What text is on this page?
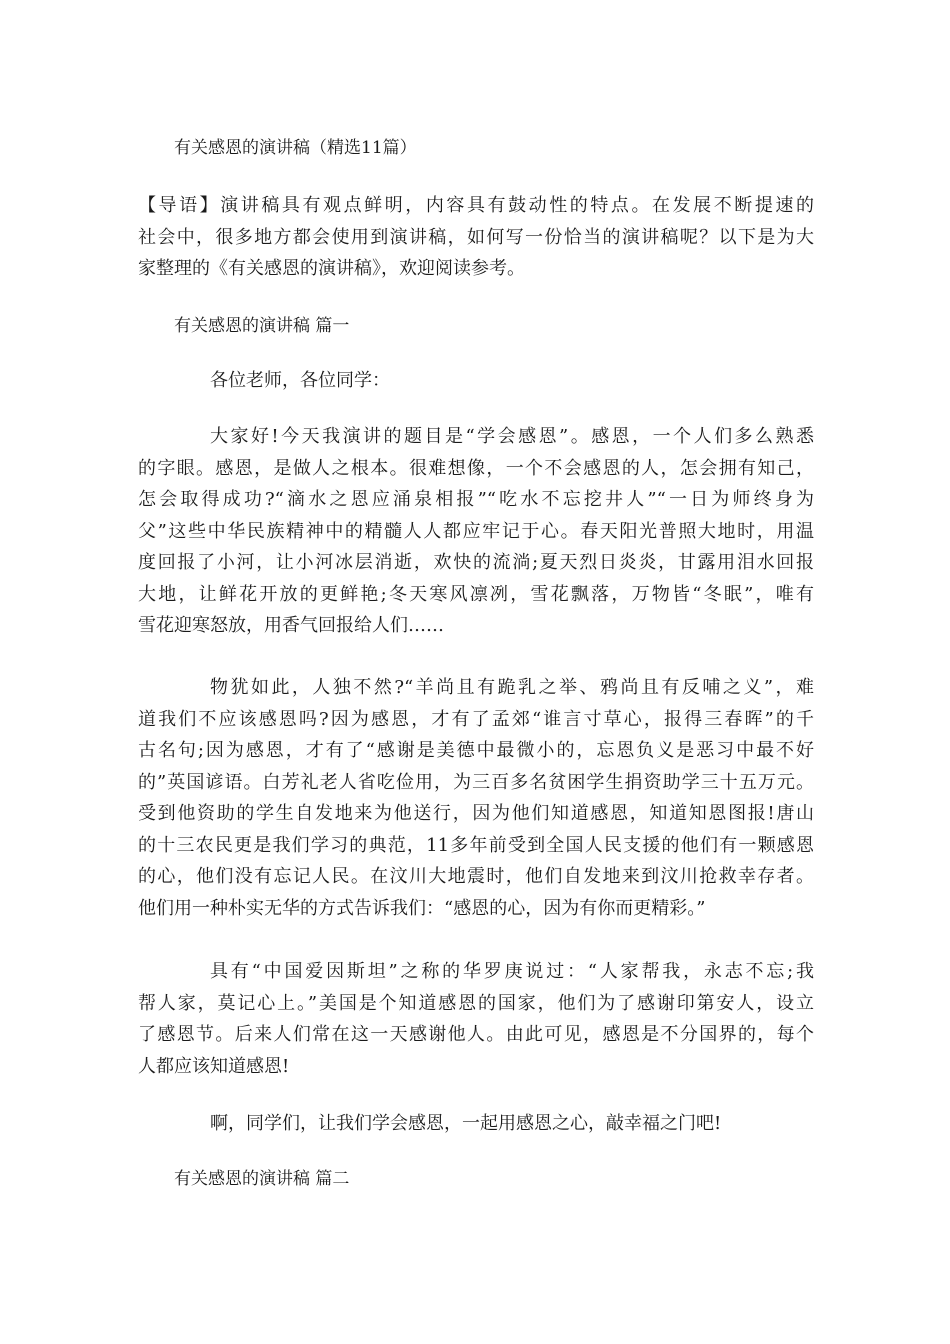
有关感恩的演讲稿（精选11篇）
【导语】演讲稿具有观点鲜明，内容具有鼓动性的特点。在发展不断提速的
社会中，很多地方都会使用到演讲稿，如何写一份恰当的演讲稿呢？以下是为大
家整理的《有关感恩的演讲稿》，欢迎阅读参考。
有关感恩的演讲稿 篇一
各位老师，各位同学：
大家好!今天我演讲的题目是“学会感恩”。感恩，一个人们多么熟悉
的字眼。感恩，是做人之根本。很难想像，一个不会感恩的人，怎会拥有知己，
怎会取得成功?“滴水之恩应涌泉相报”“吃水不忘挖井人”“一日为师终身为
父”这些中华民族精神中的精髓人人都应牢记于心。春天阳光普照大地时，用温
度回报了小河，让小河冰层消逝，欢快的流淌;夏天烈日炎炎，甘露用泪水回报
大地，让鲜花开放的更鲜艳;冬天寒风凛冽，雪花飘落，万物皆“冬眠”，唯有
雪花迎寒怒放，用香气回报给人们……
物犹如此，人独不然?“羊尚且有跪乳之举、鸦尚且有反哺之义”，难
道我们不应该感恩吗?因为感恩，才有了孟郊“谁言寸草心，报得三春晖”的千
古名句;因为感恩，才有了“感谢是美德中最微小的，忘恩负义是恶习中最不好
的”英国谚语。白芳礼老人省吃俭用，为三百多名贫困学生捐资助学三十五万元。
受到他资助的学生自发地来为他送行，因为他们知道感恩，知道知恩图报!唐山
的十三农民更是我们学习的典范，11多年前受到全国人民支援的他们有一颗感恩
的心，他们没有忘记人民。在汶川大地震时，他们自发地来到汶川抢救幸存者。
他们用一种朴实无华的方式告诉我们：“感恩的心，因为有你而更精彩。”
具有“中国爱因斯坦”之称的华罗庚说过：“人家帮我，永志不忘;我
帮人家，莫记心上。”美国是个知道感恩的国家，他们为了感谢印第安人，设立
了感恩节。后来人们常在这一天感谢他人。由此可见，感恩是不分国界的，每个
人都应该知道感恩!
啊，同学们，让我们学会感恩，一起用感恩之心，敲幸福之门吧!
有关感恩的演讲稿 篇二
